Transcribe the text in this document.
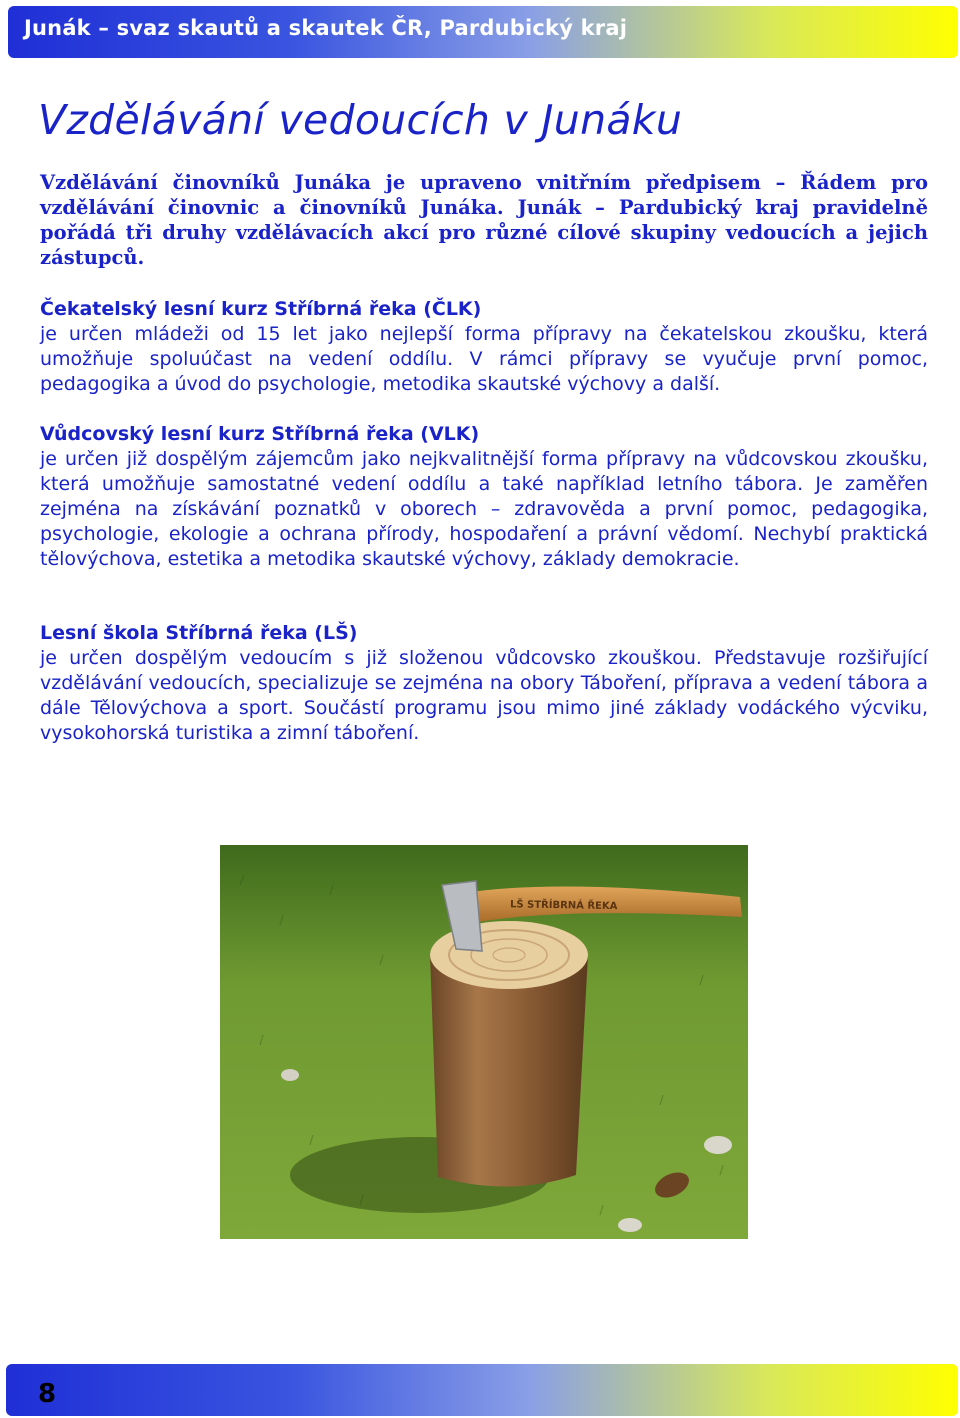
Junák – svaz skautů a skautek ČR, Pardubický kraj
Vzdělávání vedoucích v Junáku

Vzdělávání činovníků Junáka je upraveno vnitřním předpisem – Řádem pro vzdělávání činovnic a činovníků Junáka. Junák – Pardubický kraj pravidelně pořádá tři druhy vzdělávacích akcí pro různé cílové skupiny vedoucích a jejich zástupců.

Čekatelský lesní kurz Stříbrná řeka (ČLK)

je určen mládeži od 15 let jako nejlepší forma přípravy na čekatelskou zkoušku, která umožňuje spoluúčast na vedení oddílu. V rámci přípravy se vyučuje první pomoc, pedagogika a úvod do psychologie, metodika skautské výchovy a další.

Vůdcovský lesní kurz Stříbrná řeka (VLK)

je určen již dospělým zájemcům jako nejkvalitnější forma přípravy na vůdcovskou zkoušku, která umožňuje samostatné vedení oddílu a také například letního tábora. Je zaměřen zejména na získávání poznatků v oborech – zdravověda a první pomoc, pedagogika, psychologie, ekologie a ochrana přírody, hospodaření a právní vědomí. Nechybí praktická tělovýchova, estetika a metodika skautské výchovy, základy demokracie.

Lesní škola Stříbrná řeka (LŠ)

je určen dospělým vedoucím s již složenou vůdcovsko zkouškou. Představuje rozšiřující vzdělávání vedoucích, specializuje se zejména na obory Táboření, příprava a vedení tábora a dále Tělovýchova a sport. Součástí programu jsou mimo jiné základy vodáckého výcviku, vysokohorská turistika a zimní táboření.

LŠ STŘÍBRNÁ ŘEKA
8
